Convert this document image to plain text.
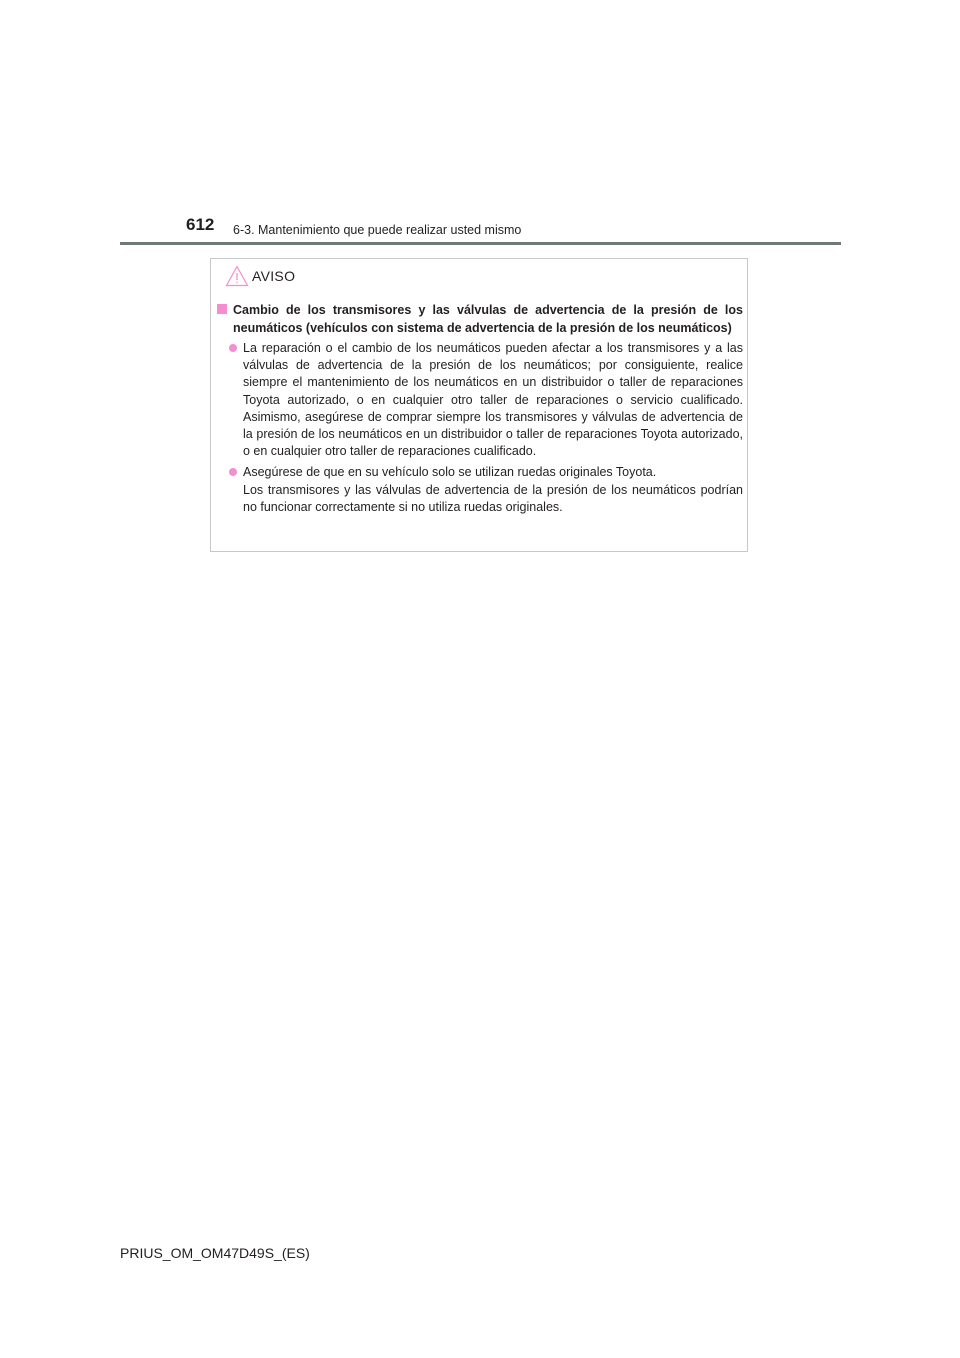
612 6-3. Mantenimiento que puede realizar usted mismo
AVISO
Cambio de los transmisores y las válvulas de advertencia de la presión de los neumáticos (vehículos con sistema de advertencia de la presión de los neumáticos)
La reparación o el cambio de los neumáticos pueden afectar a los transmisores y a las válvulas de advertencia de la presión de los neumáticos; por consiguiente, realice siempre el mantenimiento de los neumáticos en un distribuidor o taller de reparaciones Toyota autorizado, o en cualquier otro taller de reparaciones o servicio cualificado. Asimismo, asegúrese de comprar siempre los transmisores y válvulas de advertencia de la presión de los neumáticos en un distribuidor o taller de reparaciones Toyota autorizado, o en cualquier otro taller de reparaciones cualificado.
Asegúrese de que en su vehículo solo se utilizan ruedas originales Toyota.
Los transmisores y las válvulas de advertencia de la presión de los neumáticos podrían no funcionar correctamente si no utiliza ruedas originales.
PRIUS_OM_OM47D49S_(ES)
